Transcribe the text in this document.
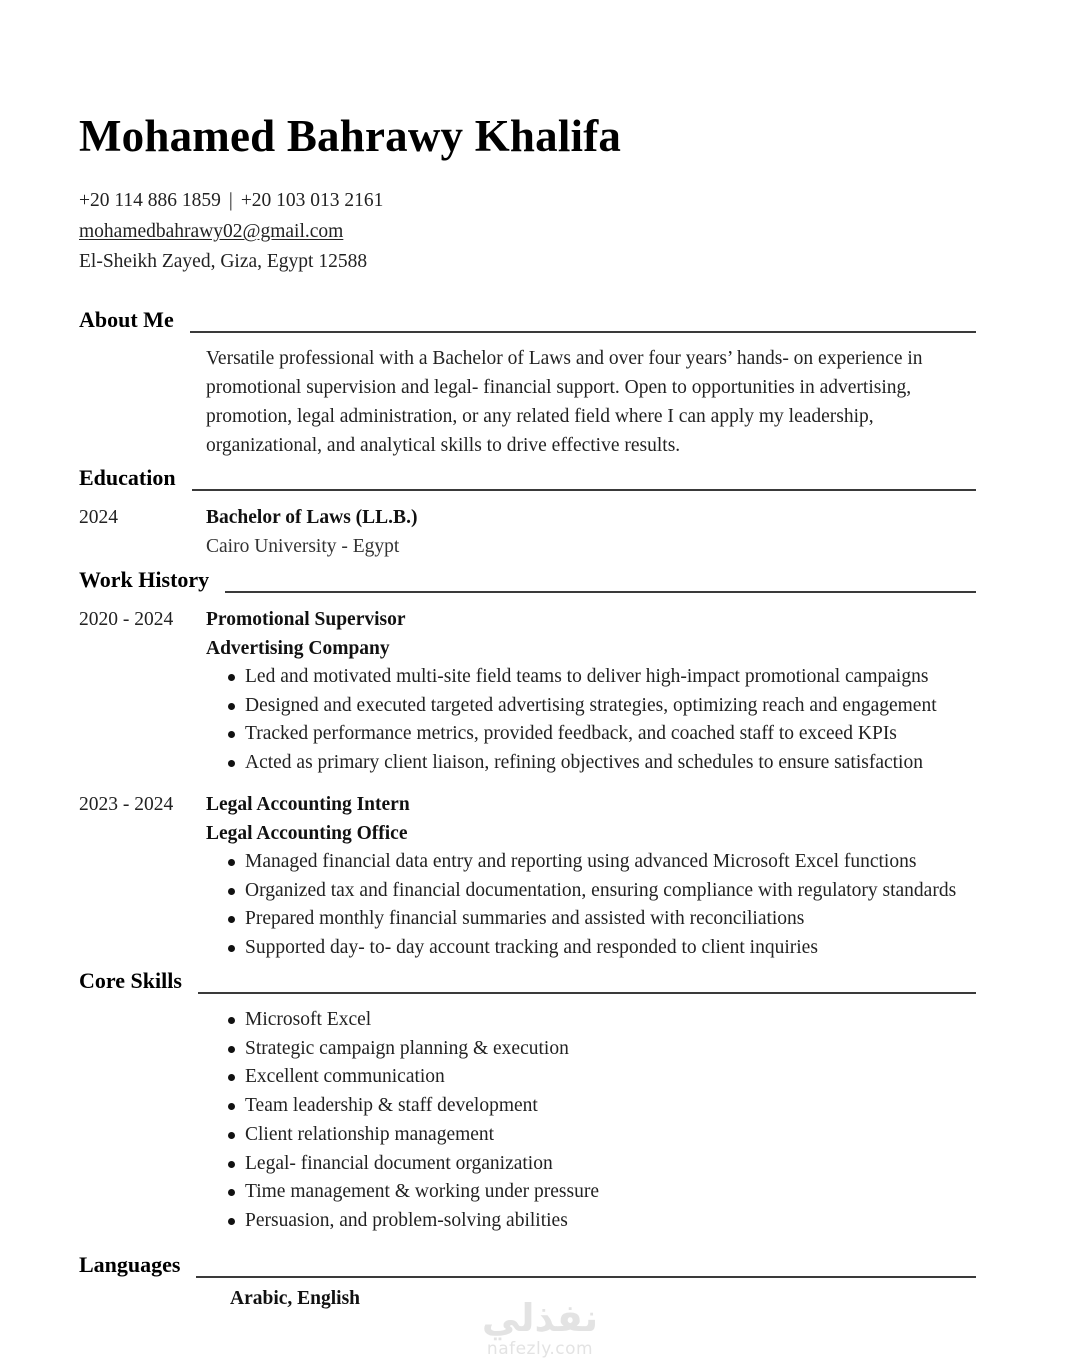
Mohamed Bahrawy Khalifa
+20 114 886 1859 | +20 103 013 2161
mohamedbahrawy02@gmail.com
El-Sheikh Zayed, Giza, Egypt 12588
About Me
Versatile professional with a Bachelor of Laws and over four years’ hands- on experience in promotional supervision and legal- financial support. Open to opportunities in advertising, promotion, legal administration, or any related field where I can apply my leadership, organizational, and analytical skills to drive effective results.
Education
2024	Bachelor of Laws (LL.B.)
Cairo University - Egypt
Work History
2020 - 2024 Promotional Supervisor
Advertising Company
Led and motivated multi-site field teams to deliver high-impact promotional campaigns
Designed and executed targeted advertising strategies, optimizing reach and engagement
Tracked performance metrics, provided feedback, and coached staff to exceed KPIs
Acted as primary client liaison, refining objectives and schedules to ensure satisfaction
2023 - 2024 Legal Accounting Intern
Legal Accounting Office
Managed financial data entry and reporting using advanced Microsoft Excel functions
Organized tax and financial documentation, ensuring compliance with regulatory standards
Prepared monthly financial summaries and assisted with reconciliations
Supported day- to- day account tracking and responded to client inquiries
Core Skills
Microsoft Excel
Strategic campaign planning & execution
Excellent communication
Team leadership & staff development
Client relationship management
Legal- financial document organization
Time management & working under pressure
Persuasion, and problem-solving abilities
Languages
Arabic, English	نفذلي
nafezly.com
